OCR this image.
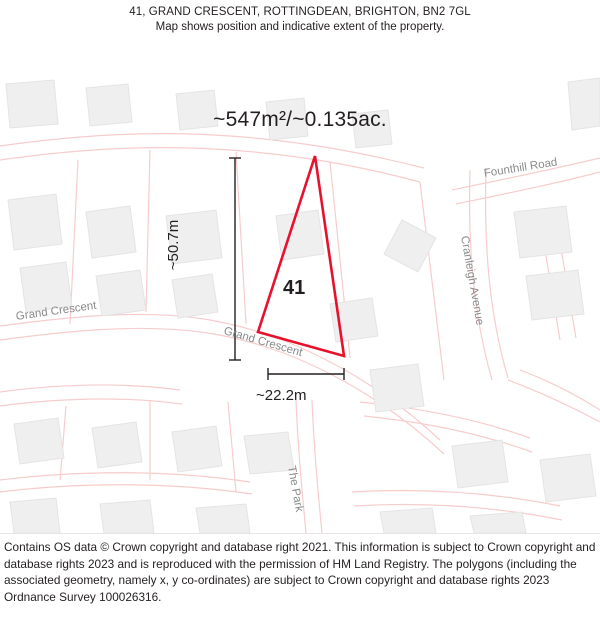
41, GRAND CRESCENT, ROTTINGDEAN, BRIGHTON, BN2 7GL
Map shows position and indicative extent of the property.
~547m²/~0.135ac.
41
~50.7m
~22.2m
Grand Crescent
Grand Crescent
Founthill Road
Cranleigh Avenue
The Park
Contains OS data © Crown copyright and database right 2021. This information is subject to Crown copyright and database rights 2023 and is reproduced with the permission of HM Land Registry. The polygons (including the associated geometry, namely x, y co-ordinates) are subject to Crown copyright and database rights 2023 Ordnance Survey 100026316.
